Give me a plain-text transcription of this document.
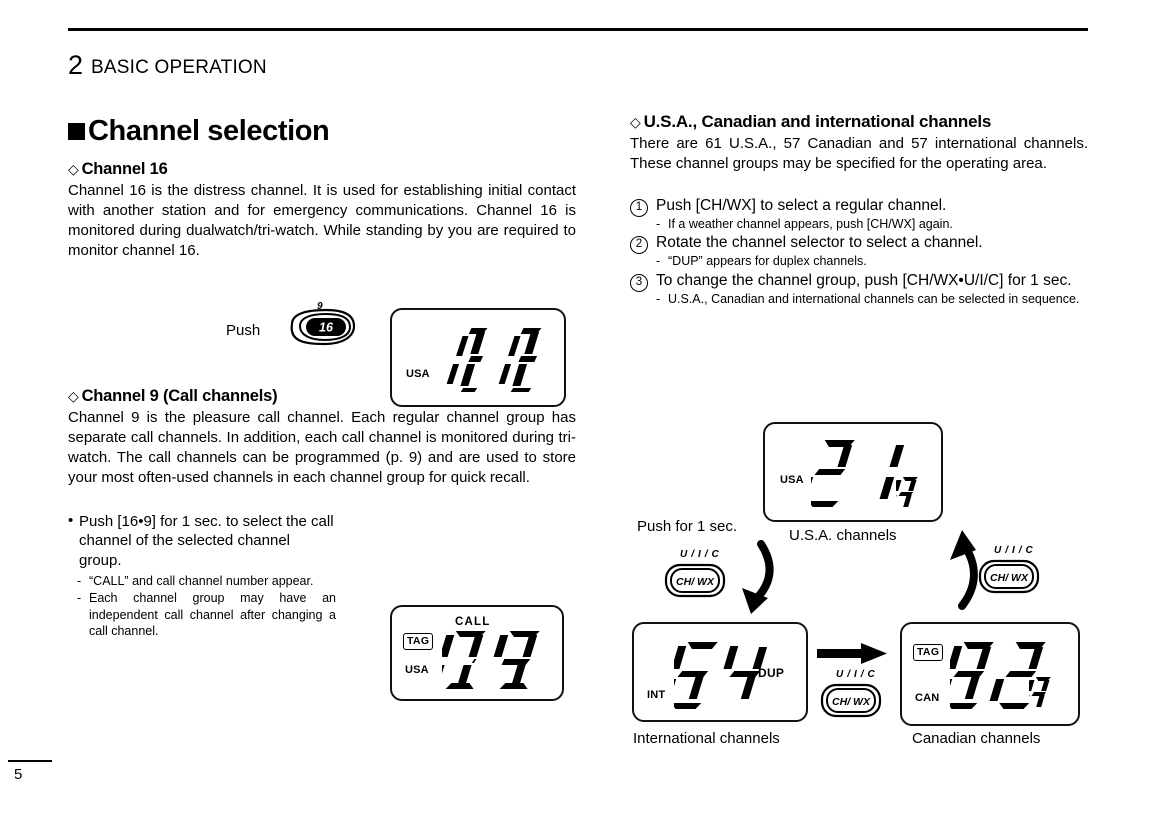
2 BASIC OPERATION
Channel selection
◇ Channel 16

Channel 16 is the distress channel. It is used for establishing initial contact with another station and for emergency communications. Channel 16 is monitored during dualwatch/tri-watch. While standing by you are required to monitor channel 16.

◇ Channel 9 (Call channels)

Channel 9 is the pleasure call channel. Each regular channel group has separate call channels. In addition, each call channel is monitored during tri-watch. The call channels can be programmed (p. 9) and are used to store your most often-used channels in each channel group for quick recall.

• Push [16•9] for 1 sec. to select the call channel of the selected channel group.
- “CALL” and call channel number appear.
- Each channel group may have an independent call channel after changing a call channel.
Push
9
16
USA
CALL
TAG
USA
◇ U.S.A., Canadian and international channels

There are 61 U.S.A., 57 Canadian and 57 international channels. These channel groups may be specified for the operating area.

1 Push [CH/WX] to select a regular channel.
- If a weather channel appears, push [CH/WX] again.
2 Rotate the channel selector to select a channel.
- “DUP” appears for duplex channels.
3 To change the channel group, push [CH/WX•U/I/C] for 1 sec.
- U.S.A., Canadian and international channels can be selected in sequence.
USA
U.S.A. channels
Push for 1 sec.
U / I / C
CH/ WX
U / I / C
CH/ WX
INT
DUP
International channels
U / I / C
CH/ WX
TAG
CAN
Canadian channels
5
